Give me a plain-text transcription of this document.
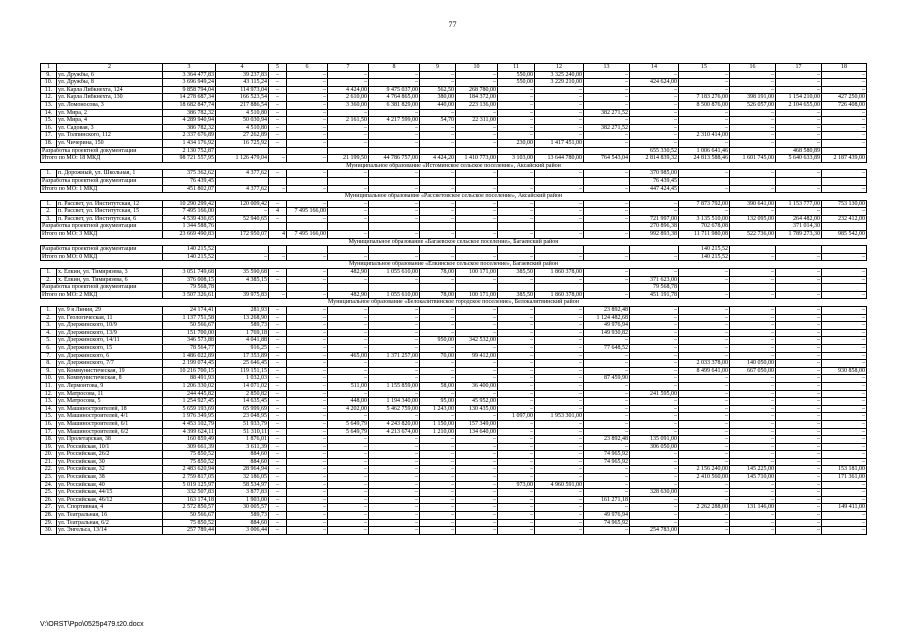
77
1	2	3	4	5	6	7	8	9	10	11	12	13	14	15	16	17	18
9.	ул. Дружбы, 6	3 364 477,83	39 237,83	–	–	–	–	–	–	550,00	3 325 240,00	–	–	–	–	–	–
10.	ул. Дружбы, 8	3 696 949,24	43 115,24	–	–	–	–	–	–	550,00	3 229 210,00	–	424 624,00	–	–	–	–
11.	ул. Карла Либкнехта, 124	9 858 794,04	114 973,04	–	–	4 424,00	9 475 037,00	562,50	268 780,00	–	–	–	–	–	–	–	–
12.	ул. Карла Либкнехта, 130	14 278 687,34	166 523,54	–	–	2 610,00	4 764 865,00	380,00	184 372,00	–	–	–	–	7 183 276,00	398 191,00	1 154 210,00	427 250,00
13.	ул. Ломоносова, 3	18 682 847,74	217 886,54	–	–	3 360,00	6 381 829,00	440,00	223 136,00	–	–	–	–	8 500 876,00	526 057,00	2 104 655,00	726 408,00
14.	ул. Мира, 2	386 782,32	4 510,80	–	–	–	–	–	–	–	–	382 271,52	–	–	–	–	–
15.	ул. Мира, 4	4 289 940,94	50 030,94	–	–	2 161,50	4 217 599,00	54,70	22 311,00	–	–	–	–	–	–	–	–
16.	ул. Садовая, 3	386 782,32	4 510,80	–	–	–	–	–	–	–	–	382 271,52	–	–	–	–	–
17.	ул. Толпинского, 112	2 337 676,89	27 262,89	–	–	–	–	–	–	–	–	–	–	2 310 414,00	–	–	–
18.	ул. Чичерина, 150	1 434 176,92	16 725,92	–	–	–	–	–	–	230,00	1 417 451,00	–	–	–	–	–	–
Разработка проектной документации		2 130 752,87											655 330,52	1 006 641,46		468 580,89	
Итого по МО: 18 МКД		98 721 557,95	1 126 479,04	–	–	21 199,50	44 786 757,00	4 424,20	1 410 773,00	3 103,00	13 644 780,00	764 543,04	2 814 839,32	24 813 588,46	1 601 745,00	5 640 633,89	2 187 439,00
Муниципальное образование «Истоминское сельское поселение», Аксайский район																	
1.	п. Дорожный, ул. Школьная, 1	375 362,62	4 377,62	–	–	–	–	–	–	–	–	–	370 985,00	–	–	–	–
Разработка проектной документации		76 439,45											76 439,45				
Итого по МО: 1 МКД		451 802,07	4 377,62	–	–	–	–	–	–	–	–	–	447 424,45	–	–	–	–
Муниципальное образование «Рассветовское сельское поселение», Аксайский район																	
1.	п. Рассвет, ул. Институтская, 12	10 290 299,42	120 009,42	–	–	–	–	–	–	–	–	–	–	7 873 792,00	390 641,00	1 153 777,00	753 130,00
2.	п. Рассвет, ул. Институтская, 15	7 495 166,00	–	4	7 495 166,00	–	–	–	–	–	–	–	–	–	–	–	–
3.	п. Рассвет, ул. Институтская, 6	4 539 436,65	52 940,65	–	–	–	–	–	–	–	–	–	721 997,00	3 135 510,00	132 095,00	264 482,00	232 412,00
Разработка проектной документации		1 344 588,76											270 896,38	702 678,08		371 014,30	
Итого по МО: 3 МКД		23 669 490,83	172 950,07	4	7 495 166,00	–	–	–	–	–	–	–	992 893,38	11 711 980,08	522 736,00	1 789 273,30	985 542,00
Муниципальное образование «Багаевское сельское поселение», Багаевский район																	
Разработка проектной документации		140 215,52												140 215,52			
Итого по МО: 0 МКД		140 215,52	–	–	–	–	–	–	–	–	–	–	–	140 215,52	–	–	–
Муниципальное образование «Ёлкинское сельское поселение», Багаевский район																	
1.	х. Ёлкин, ул. Тимирязева, 3	3 051 749,68	35 590,68	–	–	482,90	1 055 610,00	78,00	100 171,00	385,50	1 860 378,00	–	–	–	–	–	–
2.	х. Ёлкин, ул. Тимирязева, 6	376 008,15	4 385,15	–	–	–	–	–	–	–	–	–	371 623,00	–	–	–	–
Разработка проектной документации		79 568,78											79 568,78				
Итого по МО: 2 МКД		3 507 326,61	39 975,83	–	–	482,90	1 055 610,00	78,00	100 171,00	385,50	1 860 378,00	–	451 191,78	–	–	–	–
Муниципальное образование «Белокалитвинское городское поселение», Белокалитвинский район																	
1.	ул. 9 я Линия, 29	24 174,41	281,93	–	–	–	–	–	–	–	–	23 892,48	–	–	–	–	–
2.	ул. Геологическая, 11	1 137 751,58	13 268,90	–	–	–	–	–	–	–	–	1 124 482,68	–	–	–	–	–
3.	ул. Дзержинского, 10/9	50 566,67	589,73	–	–	–	–	–	–	–	–	49 976,94	–	–	–	–	–
4.	ул. Дзержинского, 13/9	151 700,00	1 769,18	–	–	–	–	–	–	–	–	149 930,82	–	–	–	–	–
5.	ул. Дзержинского, 14/11	346 573,88	4 041,88	–	–	–	–	950,00	342 532,00	–	–	–	–	–	–	–	–
6.	ул. Дзержинского, 15	78 564,77	916,25	–	–	–	–	–	–	–	–	77 648,52	–	–	–	–	–
7.	ул. Дзержинского, 6	1 486 022,89	17 353,89	–	–	465,00	1 371 257,00	70,00	99 412,00	–	–	–	–	–	–	–	–
8.	ул. Дзержинского, 7/7	2 199 074,45	25 646,45	–	–	–	–	–	–	–	–	–	–	2 033 378,00	140 050,00	–	–
9.	ул. Коммунистическая, 19	10 216 700,15	119 151,15	–	–	–	–	–	–	–	–	–	–	8 499 641,00	667 050,00	–	930 858,00
10.	ул. Коммунистическая, 8	88 491,93	1 032,03	–	–	–	–	–	–	–	–	87 459,90	–	–	–	–	–
11.	ул. Лермонтова, 9	1 206 330,02	14 071,02	–	–	511,00	1 155 859,00	58,00	36 400,00	–	–	–	–	–	–	–	–
12.	ул. Матросова, 11	244 445,82	2 850,82	–	–	–	–	–	–	–	–	–	241 595,00	–	–	–	–
13.	ул. Матросова, 5	1 254 927,45	14 635,45	–	–	448,00	1 194 340,00	95,00	45 952,00	–	–	–	–	–	–	–	–
14.	ул. Машиностроителей, 18	5 659 193,69	65 999,69	–	–	4 202,00	5 462 759,00	1 243,00	130 435,00	–	–	–	–	–	–	–	–
15.	ул. Машиностроителей, 4/1	1 976 349,95	23 048,95	–	–	–	–	–	–	1 097,00	1 953 301,00	–	–	–	–	–	–
16.	ул. Машиностроителей, 6/1	4 453 102,79	51 933,79	–	–	5 649,79	4 243 820,00	1 150,00	157 349,00	–	–	–	–	–	–	–	–
17.	ул. Машиностроителей, 6/2	4 399 624,11	51 310,11	–	–	5 649,79	4 213 674,00	1 210,00	134 640,00	–	–	–	–	–	–	–	–
18.	ул. Пролетарская, 38	160 859,49	1 876,01	–	–	–	–	–	–	–	–	23 892,48	135 091,00	–	–	–	–
19.	ул. Российская, 10/1	309 661,39	3 611,39	–	–	–	–	–	–	–	–	–	306 050,00	–	–	–	–
20.	ул. Российская, 26/2	75 850,52	884,60	–	–	–	–	–	–	–	–	74 965,92	–	–	–	–	–
21.	ул. Российская, 30	75 850,52	884,60	–	–	–	–	–	–	–	–	74 965,92	–	–	–	–	–
22.	ул. Российская, 32	2 483 620,94	28 964,94	–	–	–	–	–	–	–	–	–	–	2 156 240,00	145 225,00	–	153 181,00
23.	ул. Российская, 38	2 759 817,05	32 186,05	–	–	–	–	–	–	–	–	–	–	2 410 560,00	145 710,00	–	171 361,00
24.	ул. Российская, 40	5 019 125,97	58 534,97	–	–	–	–	–	–	973,00	4 960 591,00	–	–	–	–	–	–
25.	ул. Российская, 44/15	332 507,83	3 877,83	–	–	–	–	–	–	–	–	–	328 630,00	–	–	–	–
26.	ул. Российская, 46/12	163 174,18	1 903,00	–	–	–	–	–	–	–	–	161 271,18	–	–	–	–	–
27.	ул. Спортивная, 4	2 572 850,57	30 005,57	–	–	–	–	–	–	–	–	–	–	2 262 288,00	131 146,00	–	149 411,00
28.	ул. Театральная, 16	50 566,67	589,73	–	–	–	–	–	–	–	–	49 976,94	–	–	–	–	–
29.	ул. Театральная, 6/2	75 850,52	884,60	–	–	–	–	–	–	–	–	74 965,92	–	–	–	–	–
30.	ул. Энгельса, 13/14	257 789,44	3 006,44	–	–	–	–	–	–	–	–	–	254 783,00	–	–	–	–
V:\ORST\Ppo\0525p479.t20.docx
